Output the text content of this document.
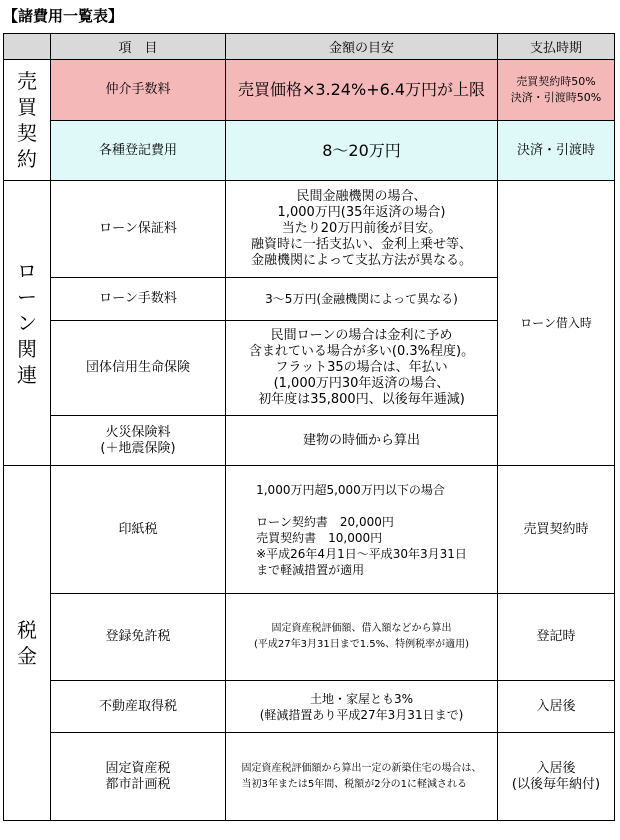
【諸費用一覧表】
	項　目	金額の目安	支払時期
売買契約	仲介手数料	売買価格×3.24%+6.4万円が上限	売買契約時50%
決済・引渡時50%

	各種登記費用	8〜20万円	決済・引渡時
ローン関連	ローン保証料	民間金融機関の場合、
1,000万円(35年返済の場合)
当たり20万円前後が目安。
融資時に一括支払い、金利上乗せ等、
金融機関によって支払方法が異なる。	ローン借入時
	ローン手数料	3〜5万円(金融機関によって異なる)	
	団体信用生命保険	民間ローンの場合は金利に予め
含まれている場合が多い(0.3%程度)。
フラット35の場合は、年払い
(1,000万円30年返済の場合、
初年度は35,800円、以後毎年逓減)	

	火災保険料
(＋地震保険)	建物の時価から算出	
税金	印紙税	1,000万円超5,000万円以下の場合
ローン契約書　20,000円
売買契約書　10,000円
※平成26年4月1日〜平成30年3月31日
まで軽減措置が適用	売買契約時
	登録免許税	固定資産税評価額、借入額などから算出
(平成27年3月31日まで1.5%、特例税率が適用)	登記時
	不動産取得税	土地・家屋とも3%
(軽減措置あり平成27年3月31日まで)	入居後

	固定資産税
都市計画税	固定資産税評価額から算出一定の新築住宅の場合は、
当初3年または5年間、税額が2分の1に軽減される	入居後
(以後毎年納付)
